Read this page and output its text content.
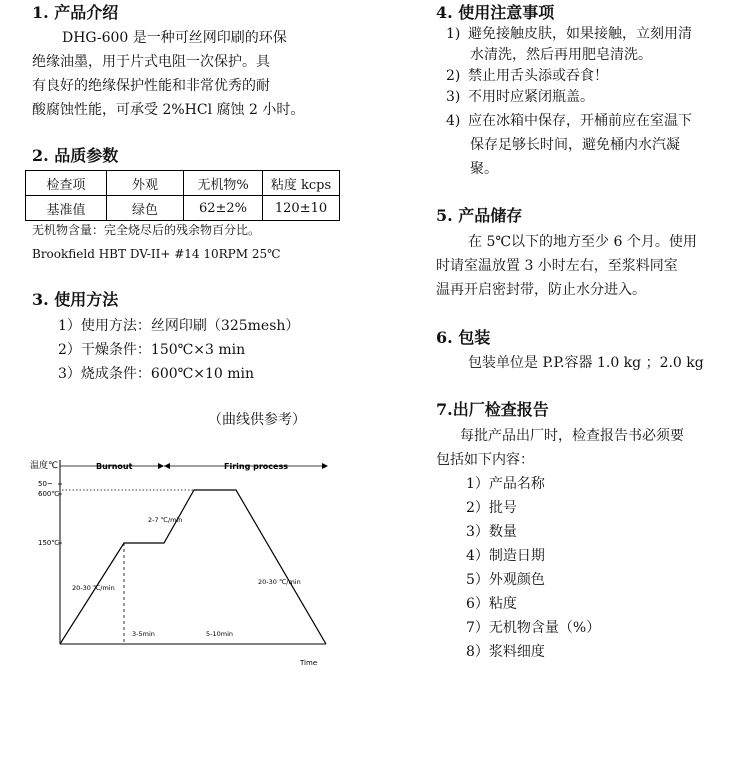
1. 产品介绍
DHG-600 是一种可丝网印刷的环保
绝缘油墨，用于片式电阻一次保护。具
有良好的绝缘保护性能和非常优秀的耐
酸腐蚀性能，可承受 2%HCl 腐蚀 2 小时。
2. 品质参数
检查项	外观	无机物%	粘度 kcps
基准值	绿色	62±2%	120±10
无机物含量：完全烧尽后的残余物百分比。
Brookfield HBT DV-II+ #14 10RPM 25℃
3. 使用方法
1）使用方法：丝网印刷（325mesh）
2）干燥条件：150℃×3 min
3）烧成条件：600℃×10 min
（曲线供参考）
温度℃	Burnout	Firing process
50~
600℃
150℃
20-30 ℃/min
2-7 ℃/min
3-5min	5-10min
20-30 ℃/min
Time
4. 使用注意事项
1) 避免接触皮肤，如果接触，立刻用清
水清洗，然后再用肥皂清洗。
2) 禁止用舌头添或吞食！
3) 不用时应紧闭瓶盖。
4) 应在冰箱中保存，开桶前应在室温下
保存足够长时间，避免桶内水汽凝
聚。
5. 产品储存
在 5℃以下的地方至少 6 个月。使用
时请室温放置 3 小时左右，至浆料同室
温再开启密封带，防止水分进入。
6. 包装
包装单位是 P.P.容器 1.0 kg ；2.0 kg
7.出厂检查报告
每批产品出厂时，检查报告书必须要
包括如下内容：
1）产品名称
2）批号
3）数量
4）制造日期
5）外观颜色
6）粘度
7）无机物含量（%）
8）浆料细度
